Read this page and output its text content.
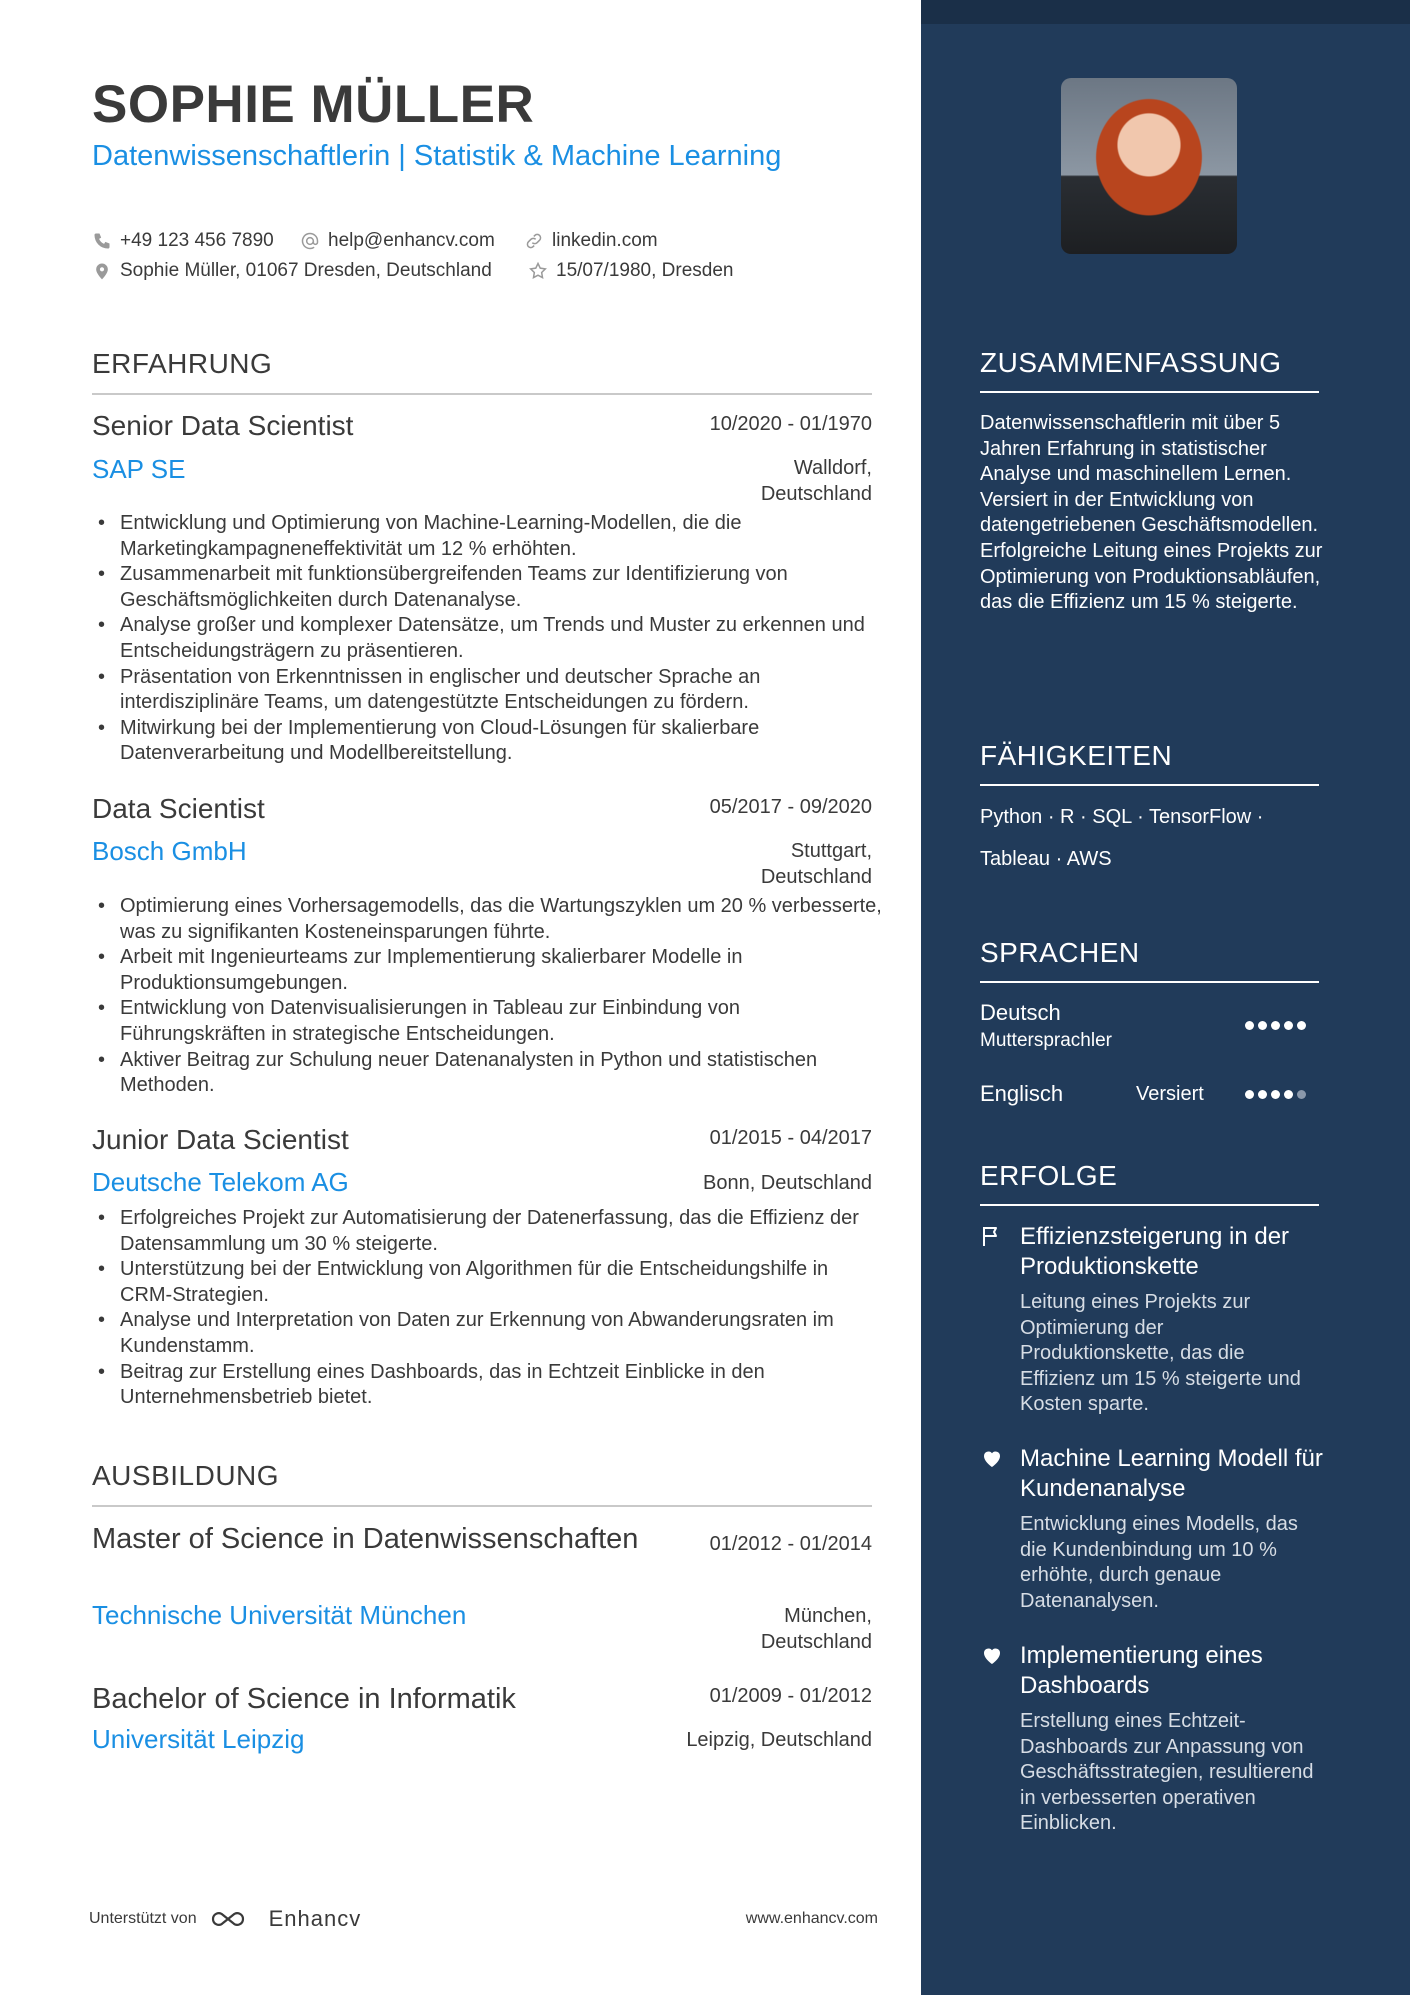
SOPHIE MÜLLER
Datenwissenschaftlerin | Statistik & Machine Learning
+49 123 456 7890	help@enhancv.com	linkedin.com
Sophie Müller, 01067 Dresden, Deutschland	15/07/1980, Dresden
ERFAHRUNG
Senior Data Scientist	10/2020 - 01/1970
SAP SE	Walldorf,
Deutschland
• Entwicklung und Optimierung von Machine-Learning-Modellen, die die Marketingkampagneneffektivität um 12 % erhöhten.
• Zusammenarbeit mit funktionsübergreifenden Teams zur Identifizierung von Geschäftsmöglichkeiten durch Datenanalyse.
• Analyse großer und komplexer Datensätze, um Trends und Muster zu erkennen und Entscheidungsträgern zu präsentieren.
• Präsentation von Erkenntnissen in englischer und deutscher Sprache an interdisziplinäre Teams, um datengestützte Entscheidungen zu fördern.
• Mitwirkung bei der Implementierung von Cloud-Lösungen für skalierbare Datenverarbeitung und Modellbereitstellung.
Data Scientist	05/2017 - 09/2020
Bosch GmbH	Stuttgart,
Deutschland
• Optimierung eines Vorhersagemodells, das die Wartungszyklen um 20 % verbesserte, was zu signifikanten Kosteneinsparungen führte.
• Arbeit mit Ingenieurteams zur Implementierung skalierbarer Modelle in Produktionsumgebungen.
• Entwicklung von Datenvisualisierungen in Tableau zur Einbindung von Führungskräften in strategische Entscheidungen.
• Aktiver Beitrag zur Schulung neuer Datenanalysten in Python und statistischen Methoden.
Junior Data Scientist	01/2015 - 04/2017
Deutsche Telekom AG	Bonn, Deutschland
• Erfolgreiches Projekt zur Automatisierung der Datenerfassung, das die Effizienz der Datensammlung um 30 % steigerte.
• Unterstützung bei der Entwicklung von Algorithmen für die Entscheidungshilfe in CRM-Strategien.
• Analyse und Interpretation von Daten zur Erkennung von Abwanderungsraten im Kundenstamm.
• Beitrag zur Erstellung eines Dashboards, das in Echtzeit Einblicke in den Unternehmensbetrieb bietet.
AUSBILDUNG
Master of Science in Datenwissenschaften	01/2012 - 01/2014
Technische Universität München	München,
Deutschland
Bachelor of Science in Informatik	01/2009 - 01/2012
Universität Leipzig	Leipzig, Deutschland
ZUSAMMENFASSUNG
Datenwissenschaftlerin mit über 5 Jahren Erfahrung in statistischer Analyse und maschinellem Lernen. Versiert in der Entwicklung von datengetriebenen Geschäftsmodellen. Erfolgreiche Leitung eines Projekts zur Optimierung von Produktionsabläufen, das die Effizienz um 15 % steigerte.
FÄHIGKEITEN
Python · R · SQL · TensorFlow · Tableau · AWS
SPRACHEN
Deutsch
Muttersprachler
Englisch	Versiert
ERFOLGE
Effizienzsteigerung in der Produktionskette
Leitung eines Projekts zur Optimierung der Produktionskette, das die Effizienz um 15 % steigerte und Kosten sparte.
Machine Learning Modell für Kundenanalyse
Entwicklung eines Modells, das die Kundenbindung um 10 % erhöhte, durch genaue Datenanalysen.
Implementierung eines Dashboards
Erstellung eines Echtzeit-Dashboards zur Anpassung von Geschäftsstrategien, resultierend in verbesserten operativen Einblicken.
Unterstützt von	Enhancv	www.enhancv.com
